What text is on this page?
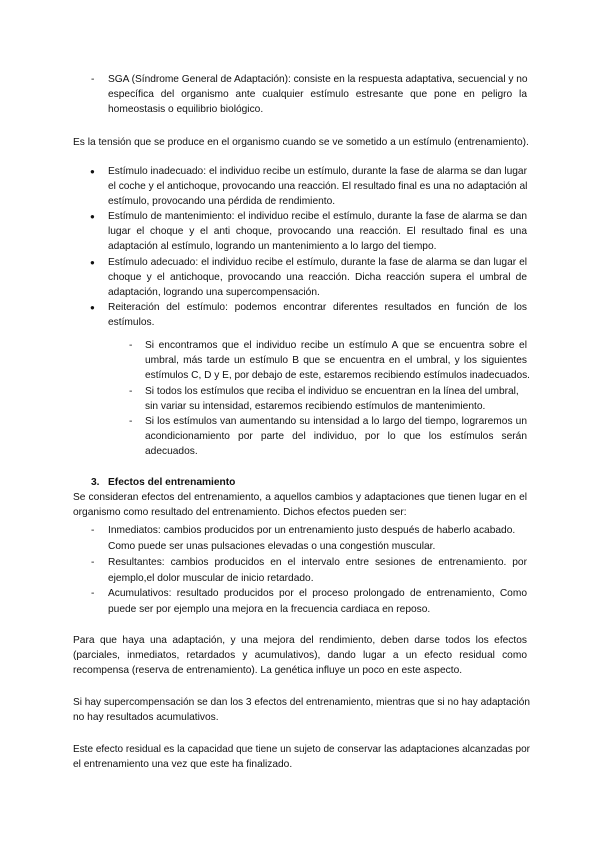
- SGA (Síndrome General de Adaptación): consiste en la respuesta adaptativa, secuencial y no
específica del organismo ante cualquier estímulo estresante que pone en peligro la
homeostasis o equilibrio biológico.
Es la tensión que se produce en el organismo cuando se ve sometido a un estímulo (entrenamiento).
● Estímulo inadecuado: el individuo recibe un estímulo, durante la fase de alarma se dan lugar
el coche y el antichoque, provocando una reacción. El resultado final es una no adaptación al
estímulo, provocando una pérdida de rendimiento.
● Estímulo de mantenimiento: el individuo recibe el estímulo, durante la fase de alarma se dan
lugar el choque y el anti choque, provocando una reacción. El resultado final es una
adaptación al estímulo, logrando un mantenimiento a lo largo del tiempo.
● Estímulo adecuado: el individuo recibe el estímulo, durante la fase de alarma se dan lugar el
choque y el antichoque, provocando una reacción. Dicha reacción supera el umbral de
adaptación, logrando una supercompensación.
● Reiteración del estímulo: podemos encontrar diferentes resultados en función de los
estímulos.
- Si encontramos que el individuo recibe un estímulo A que se encuentra sobre el
umbral, más tarde un estímulo B que se encuentra en el umbral, y los siguientes
estímulos C, D y E, por debajo de este, estaremos recibiendo estímulos inadecuados.
- Si todos los estímulos que reciba el individuo se encuentran en la línea del umbral,
sin variar su intensidad, estaremos recibiendo estímulos de mantenimiento.
- Si los estímulos van aumentando su intensidad a lo largo del tiempo, lograremos un
acondicionamiento por parte del individuo, por lo que los estímulos serán
adecuados.
3. Efectos del entrenamiento
Se consideran efectos del entrenamiento, a aquellos cambios y adaptaciones que tienen lugar en el
organismo como resultado del entrenamiento. Dichos efectos pueden ser:
- Inmediatos: cambios producidos por un entrenamiento justo después de haberlo acabado.
Como puede ser unas pulsaciones elevadas o una congestión muscular.
- Resultantes: cambios producidos en el intervalo entre sesiones de entrenamiento. por
ejemplo,el dolor muscular de inicio retardado.
- Acumulativos: resultado producidos por el proceso prolongado de entrenamiento, Como
puede ser por ejemplo una mejora en la frecuencia cardiaca en reposo.
Para que haya una adaptación, y una mejora del rendimiento, deben darse todos los efectos
(parciales, inmediatos, retardados y acumulativos), dando lugar a un efecto residual como
recompensa (reserva de entrenamiento). La genética influye un poco en este aspecto.
Si hay supercompensación se dan los 3 efectos del entrenamiento, mientras que si no hay adaptación
no hay resultados acumulativos.
Este efecto residual es la capacidad que tiene un sujeto de conservar las adaptaciones alcanzadas por
el entrenamiento una vez que este ha finalizado.
